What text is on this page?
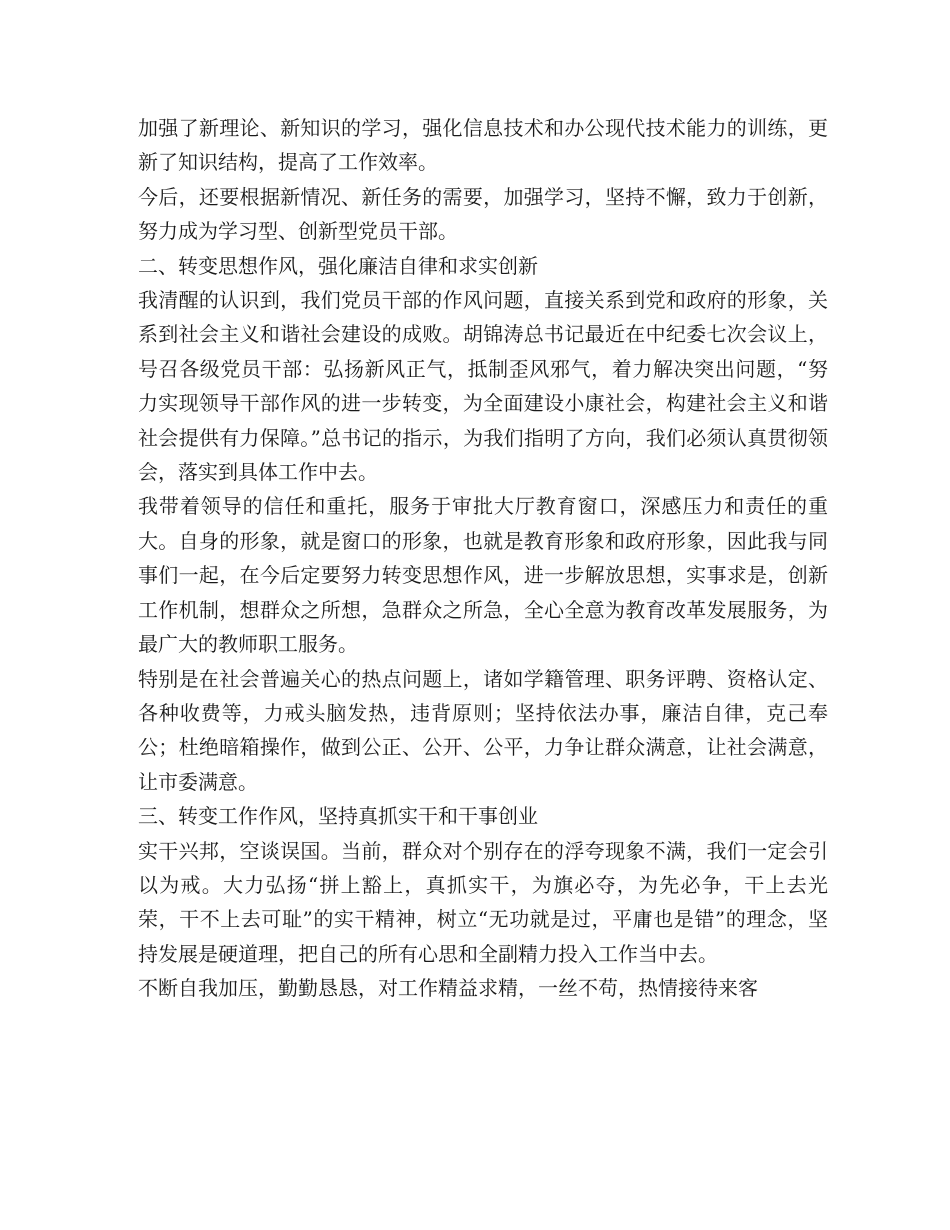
加强了新理论、新知识的学习，强化信息技术和办公现代技术能力的训练，更新了知识结构，提高了工作效率。

今后，还要根据新情况、新任务的需要，加强学习，坚持不懈，致力于创新，努力成为学习型、创新型党员干部。

二、转变思想作风，强化廉洁自律和求实创新

我清醒的认识到，我们党员干部的作风问题，直接关系到党和政府的形象，关系到社会主义和谐社会建设的成败。胡锦涛总书记最近在中纪委七次会议上，号召各级党员干部：弘扬新风正气，抵制歪风邪气，着力解决突出问题，“努力实现领导干部作风的进一步转变，为全面建设小康社会，构建社会主义和谐社会提供有力保障。”总书记的指示，为我们指明了方向，我们必须认真贯彻领会，落实到具体工作中去。

我带着领导的信任和重托，服务于审批大厅教育窗口，深感压力和责任的重大。自身的形象，就是窗口的形象，也就是教育形象和政府形象，因此我与同事们一起，在今后定要努力转变思想作风，进一步解放思想，实事求是，创新工作机制，想群众之所想，急群众之所急，全心全意为教育改革发展服务，为最广大的教师职工服务。

特别是在社会普遍关心的热点问题上，诸如学籍管理、职务评聘、资格认定、各种收费等，力戒头脑发热，违背原则；坚持依法办事，廉洁自律，克己奉公；杜绝暗箱操作，做到公正、公开、公平，力争让群众满意，让社会满意，让市委满意。

三、转变工作作风，坚持真抓实干和干事创业

实干兴邦，空谈误国。当前，群众对个别存在的浮夸现象不满，我们一定会引以为戒。大力弘扬“拼上豁上，真抓实干，为旗必夺，为先必争，干上去光荣，干不上去可耻”的实干精神，树立“无功就是过，平庸也是错”的理念，坚持发展是硬道理，把自己的所有心思和全副精力投入工作当中去。

不断自我加压，勤勤恳恳，对工作精益求精，一丝不苟，热情接待来客
